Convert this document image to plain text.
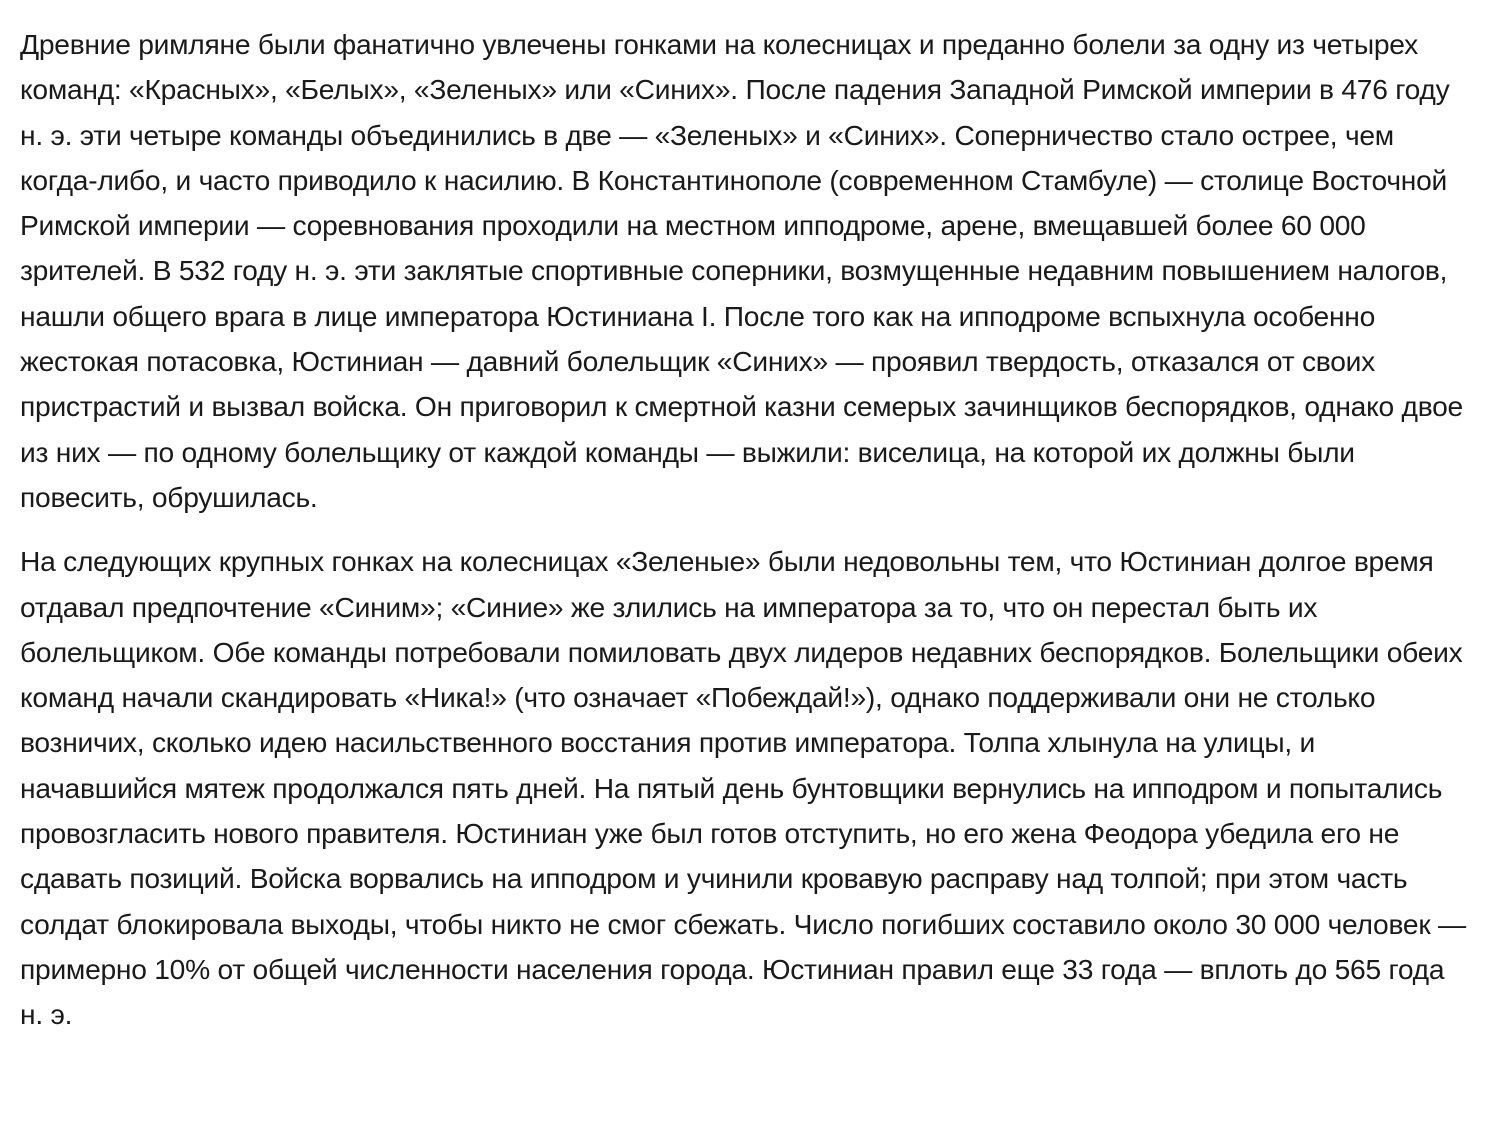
Древние римляне были фанатично увлечены гонками на колесницах и преданно болели за одну из четырех команд: «Красных», «Белых», «Зеленых» или «Синих». После падения Западной Римской империи в 476 году н. э. эти четыре команды объединились в две — «Зеленых» и «Синих». Соперничество стало острее, чем когда-либо, и часто приводило к насилию. В Константинополе (современном Стамбуле) — столице Восточной Римской империи — соревнования проходили на местном ипподроме, арене, вмещавшей более 60 000 зрителей. В 532 году н. э. эти заклятые спортивные соперники, возмущенные недавним повышением налогов, нашли общего врага в лице императора Юстиниана I. После того как на ипподроме вспыхнула особенно жестокая потасовка, Юстиниан — давний болельщик «Синих» — проявил твердость, отказался от своих пристрастий и вызвал войска. Он приговорил к смертной казни семерых зачинщиков беспорядков, однако двое из них — по одному болельщику от каждой команды — выжили: виселица, на которой их должны были повесить, обрушилась.

На следующих крупных гонках на колесницах «Зеленые» были недовольны тем, что Юстиниан долгое время отдавал предпочтение «Синим»; «Синие» же злились на императора за то, что он перестал быть их болельщиком. Обе команды потребовали помиловать двух лидеров недавних беспорядков. Болельщики обеих команд начали скандировать «Ника!» (что означает «Побеждай!»), однако поддерживали они не столько возничих, сколько идею насильственного восстания против императора. Толпа хлынула на улицы, и начавшийся мятеж продолжался пять дней. На пятый день бунтовщики вернулись на ипподром и попытались провозгласить нового правителя. Юстиниан уже был готов отступить, но его жена Феодора убедила его не сдавать позиций. Войска ворвались на ипподром и учинили кровавую расправу над толпой; при этом часть солдат блокировала выходы, чтобы никто не смог сбежать. Число погибших составило около 30 000 человек — примерно 10% от общей численности населения города. Юстиниан правил еще 33 года — вплоть до 565 года н. э.
